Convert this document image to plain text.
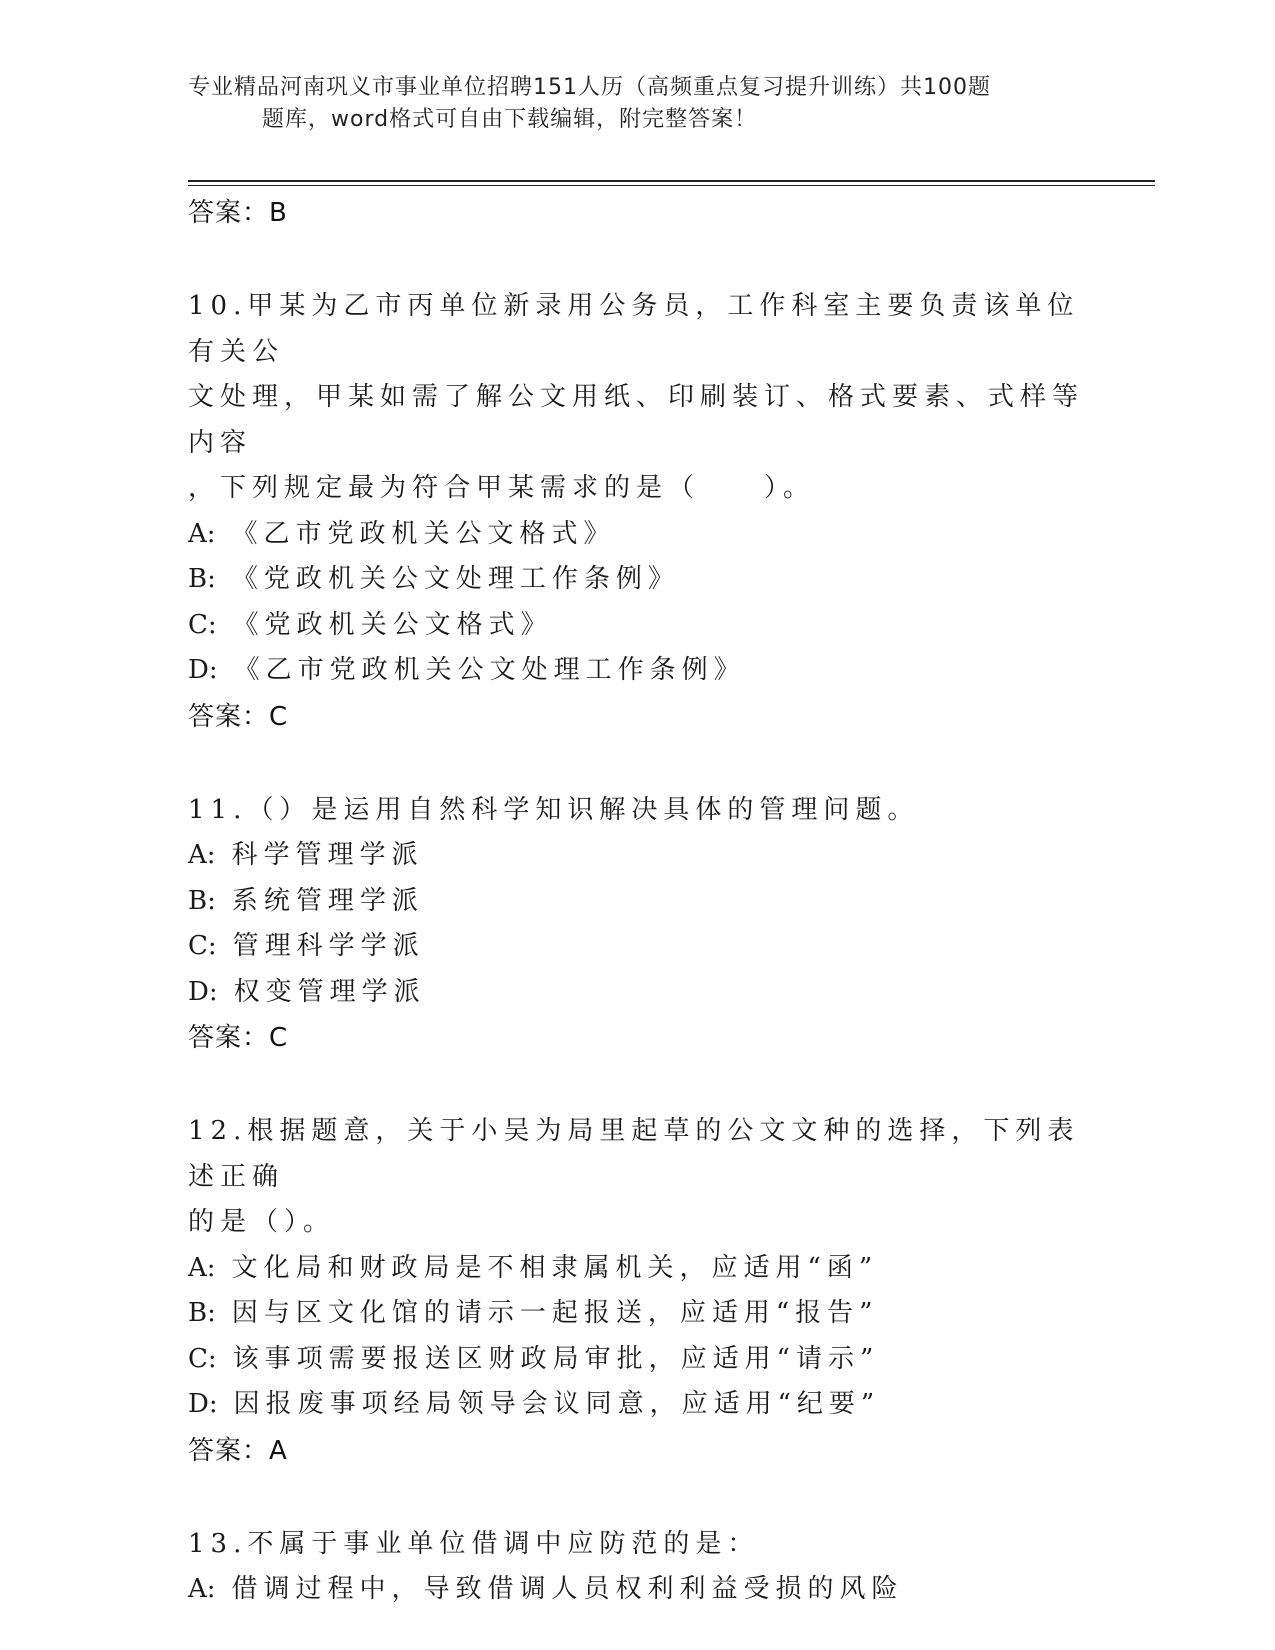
专业精品河南巩义市事业单位招聘151人历（高频重点复习提升训练）共100题
题库，word格式可自由下载编辑，附完整答案！

答案：B

10.甲某为乙市丙单位新录用公务员，工作科室主要负责该单位有关公
文处理，甲某如需了解公文用纸、印刷装订、格式要素、式样等内容
，下列规定最为符合甲某需求的是（　　）。

A: 《乙市党政机关公文格式》

B: 《党政机关公文处理工作条例》

C: 《党政机关公文格式》

D: 《乙市党政机关公文处理工作条例》

答案：C

11.（）是运用自然科学知识解决具体的管理问题。

A: 科学管理学派

B: 系统管理学派

C: 管理科学学派

D: 权变管理学派

答案：C

12.根据题意，关于小吴为局里起草的公文文种的选择，下列表述正确
的是（）。

A: 文化局和财政局是不相隶属机关，应适用“函”

B: 因与区文化馆的请示一起报送，应适用“报告”

C: 该事项需要报送区财政局审批，应适用“请示”

D: 因报废事项经局领导会议同意，应适用“纪要”

答案：A

13.不属于事业单位借调中应防范的是：

A: 借调过程中，导致借调人员权利利益受损的风险
